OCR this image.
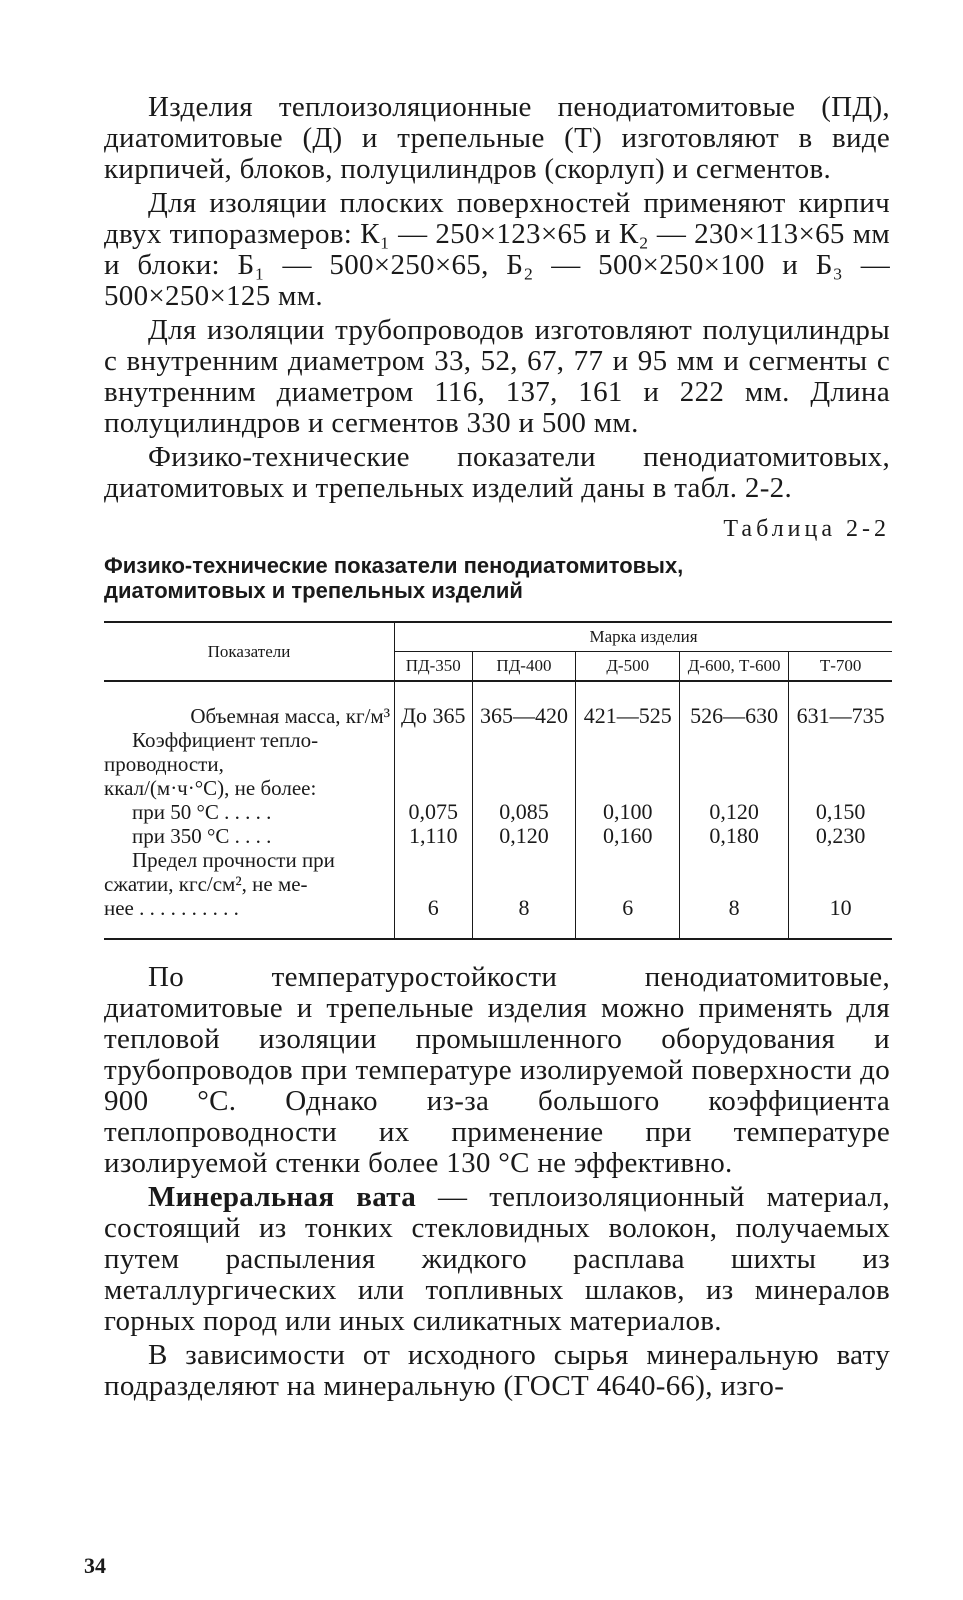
Изделия теплоизоляционные пенодиатомитовые (ПД), диатомитовые (Д) и трепельные (Т) изготовляют в виде кирпичей, блоков, полуцилиндров (скорлуп) и сегментов.

Для изоляции плоских поверхностей применяют кирпич двух типоразмеров: К₁ — 250×123×65 и К₂ — 230×113×65 мм и блоки: Б₁ — 500×250×65, Б₂ — 500×250×100 и Б₃ — 500×250×125 мм.

Для изоляции трубопроводов изготовляют полуцилиндры с внутренним диаметром 33, 52, 67, 77 и 95 мм и сегменты с внутренним диаметром 116, 137, 161 и 222 мм. Длина полуцилиндров и сегментов 330 и 500 мм.

Физико-технические показатели пенодиатомитовых, диатомитовых и трепельных изделий даны в табл. 2-2.

Таблица 2-2
Физико-технические показатели пенодиатомитовых,
диатомитовых и трепельных изделий
Показатели	Марка изделия				
	ПД-350	ПД-400	Д-500	Д-600, Т-600	Т-700

Объемная масса, кг/м³	До 365	365—420	421—525	526—630	631—735

Коэффициент тепло-
проводности,
ккал/(м·ч·°С), не более:					

при 50 °С . . . . .	0,075	0,085	0,100	0,120	0,150
при 350 °С . . . .	1,110	0,120	0,160	0,180	0,230

Предел прочности при
сжатии, кгс/см², не ме-
нее . . . . . . . . . .	6	8	6	8	10

По температуростойкости пенодиатомитовые, диатомитовые и трепельные изделия можно применять для тепловой изоляции промышленного оборудования и трубопроводов при температуре изолируемой поверхности до 900 °С. Однако из-за большого коэффициента теплопроводности их применение при температуре изолируемой стенки более 130 °С не эффективно.

Минеральная вата — теплоизоляционный материал, состоящий из тонких стекловидных волокон, получаемых путем распыления жидкого расплава шихты из металлургических или топливных шлаков, из минералов горных пород или иных силикатных материалов.

В зависимости от исходного сырья минеральную вату подразделяют на минеральную (ГОСТ 4640-66), изго-

34
